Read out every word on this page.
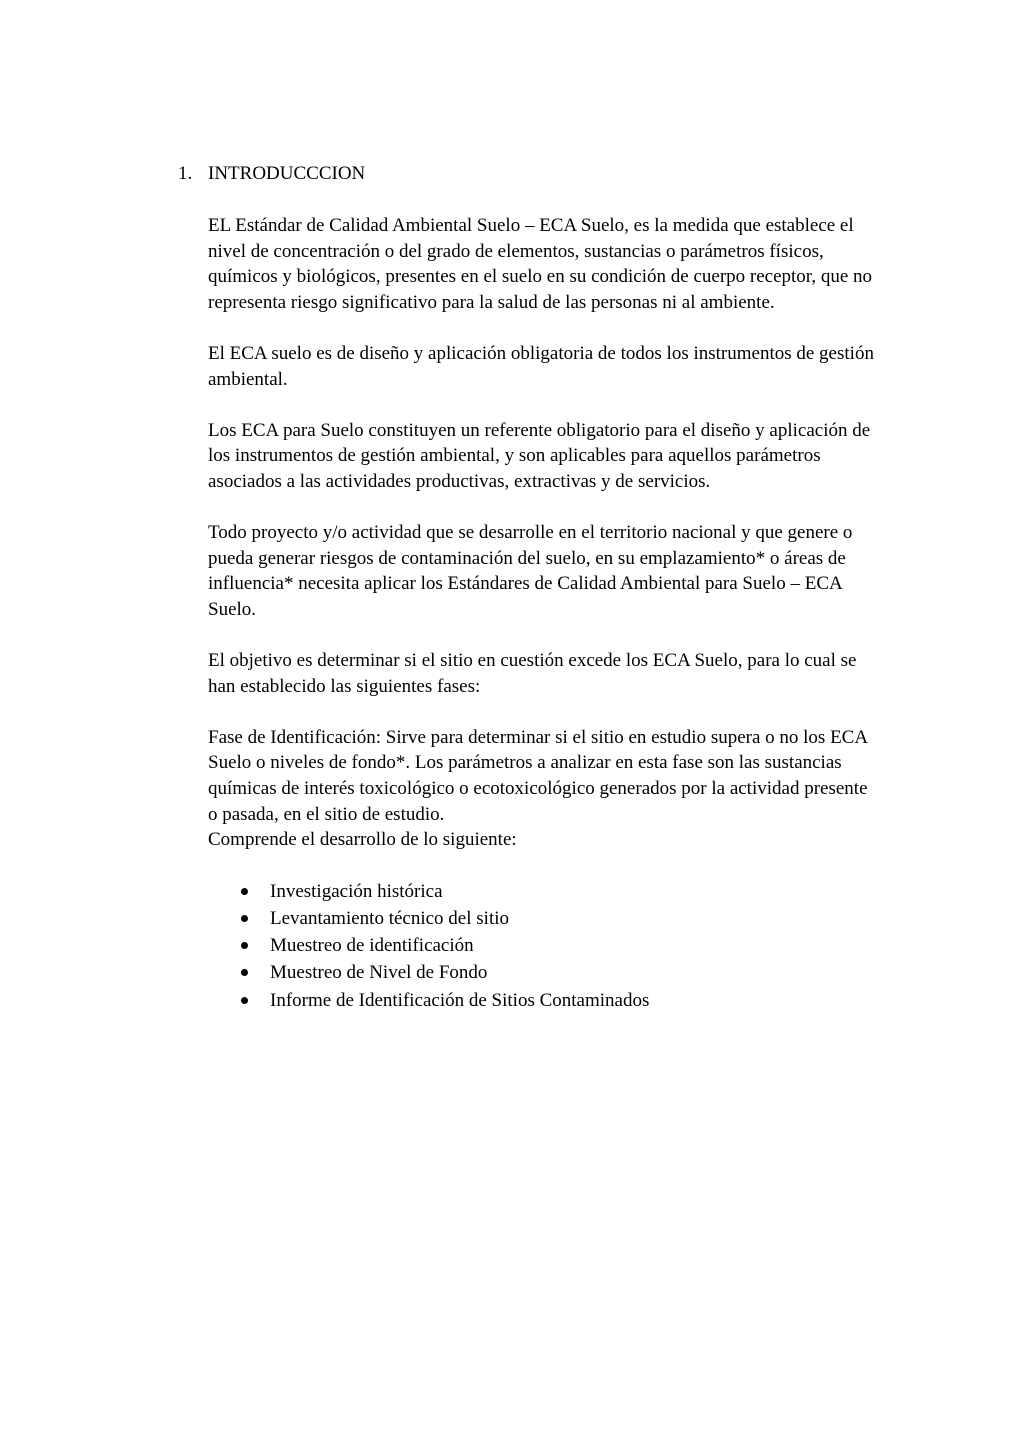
1. INTRODUCCCION

EL Estándar de Calidad Ambiental Suelo – ECA Suelo, es la medida que establece el nivel de concentración o del grado de elementos, sustancias o parámetros físicos, químicos y biológicos, presentes en el suelo en su condición de cuerpo receptor, que no representa riesgo significativo para la salud de las personas ni al ambiente.

El ECA suelo es de diseño y aplicación obligatoria de todos los instrumentos de gestión ambiental.

Los ECA para Suelo constituyen un referente obligatorio para el diseño y aplicación de los instrumentos de gestión ambiental, y son aplicables para aquellos parámetros asociados a las actividades productivas, extractivas y de servicios.

Todo proyecto y/o actividad que se desarrolle en el territorio nacional y que genere o pueda generar riesgos de contaminación del suelo, en su emplazamiento* o áreas de influencia* necesita aplicar los Estándares de Calidad Ambiental para Suelo – ECA Suelo.

El objetivo es determinar si el sitio en cuestión excede los ECA Suelo, para lo cual se han establecido las siguientes fases:

Fase de Identificación: Sirve para determinar si el sitio en estudio supera o no los ECA Suelo o niveles de fondo*. Los parámetros a analizar en esta fase son las sustancias químicas de interés toxicológico o ecotoxicológico generados por la actividad presente o pasada, en el sitio de estudio.

Comprende el desarrollo de lo siguiente:

Investigación histórica
Levantamiento técnico del sitio
Muestreo de identificación
Muestreo de Nivel de Fondo
Informe de Identificación de Sitios Contaminados
